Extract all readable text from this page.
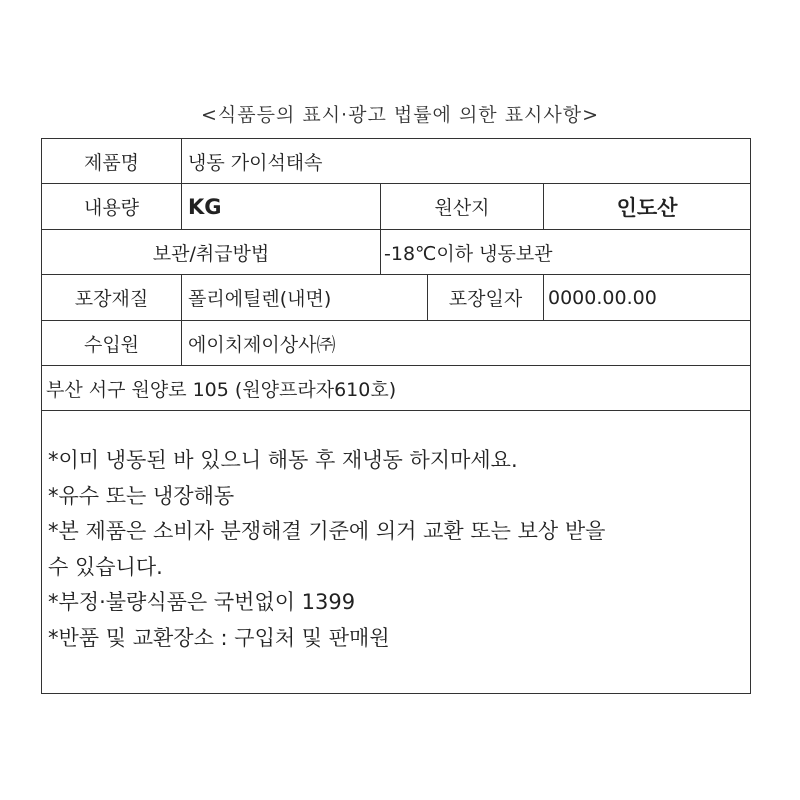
<식품등의 표시·광고 법률에 의한 표시사항>
제품명	냉동 가이석태속
내용량	KG	원산지	인도산
보관/취급방법	-18℃이하 냉동보관
포장재질	폴리에틸렌(내면)	포장일자	0000.00.00
수입원	에이치제이상사㈜
부산 서구 원양로 105 (원양프라자610호)
*이미 냉동된 바 있으니 해동 후 재냉동 하지마세요.
*유수 또는 냉장해동
*본 제품은 소비자 분쟁해결 기준에 의거 교환 또는 보상 받을
수 있습니다.
*부정·불량식품은 국번없이 1399
*반품 및 교환장소 : 구입처 및 판매원
